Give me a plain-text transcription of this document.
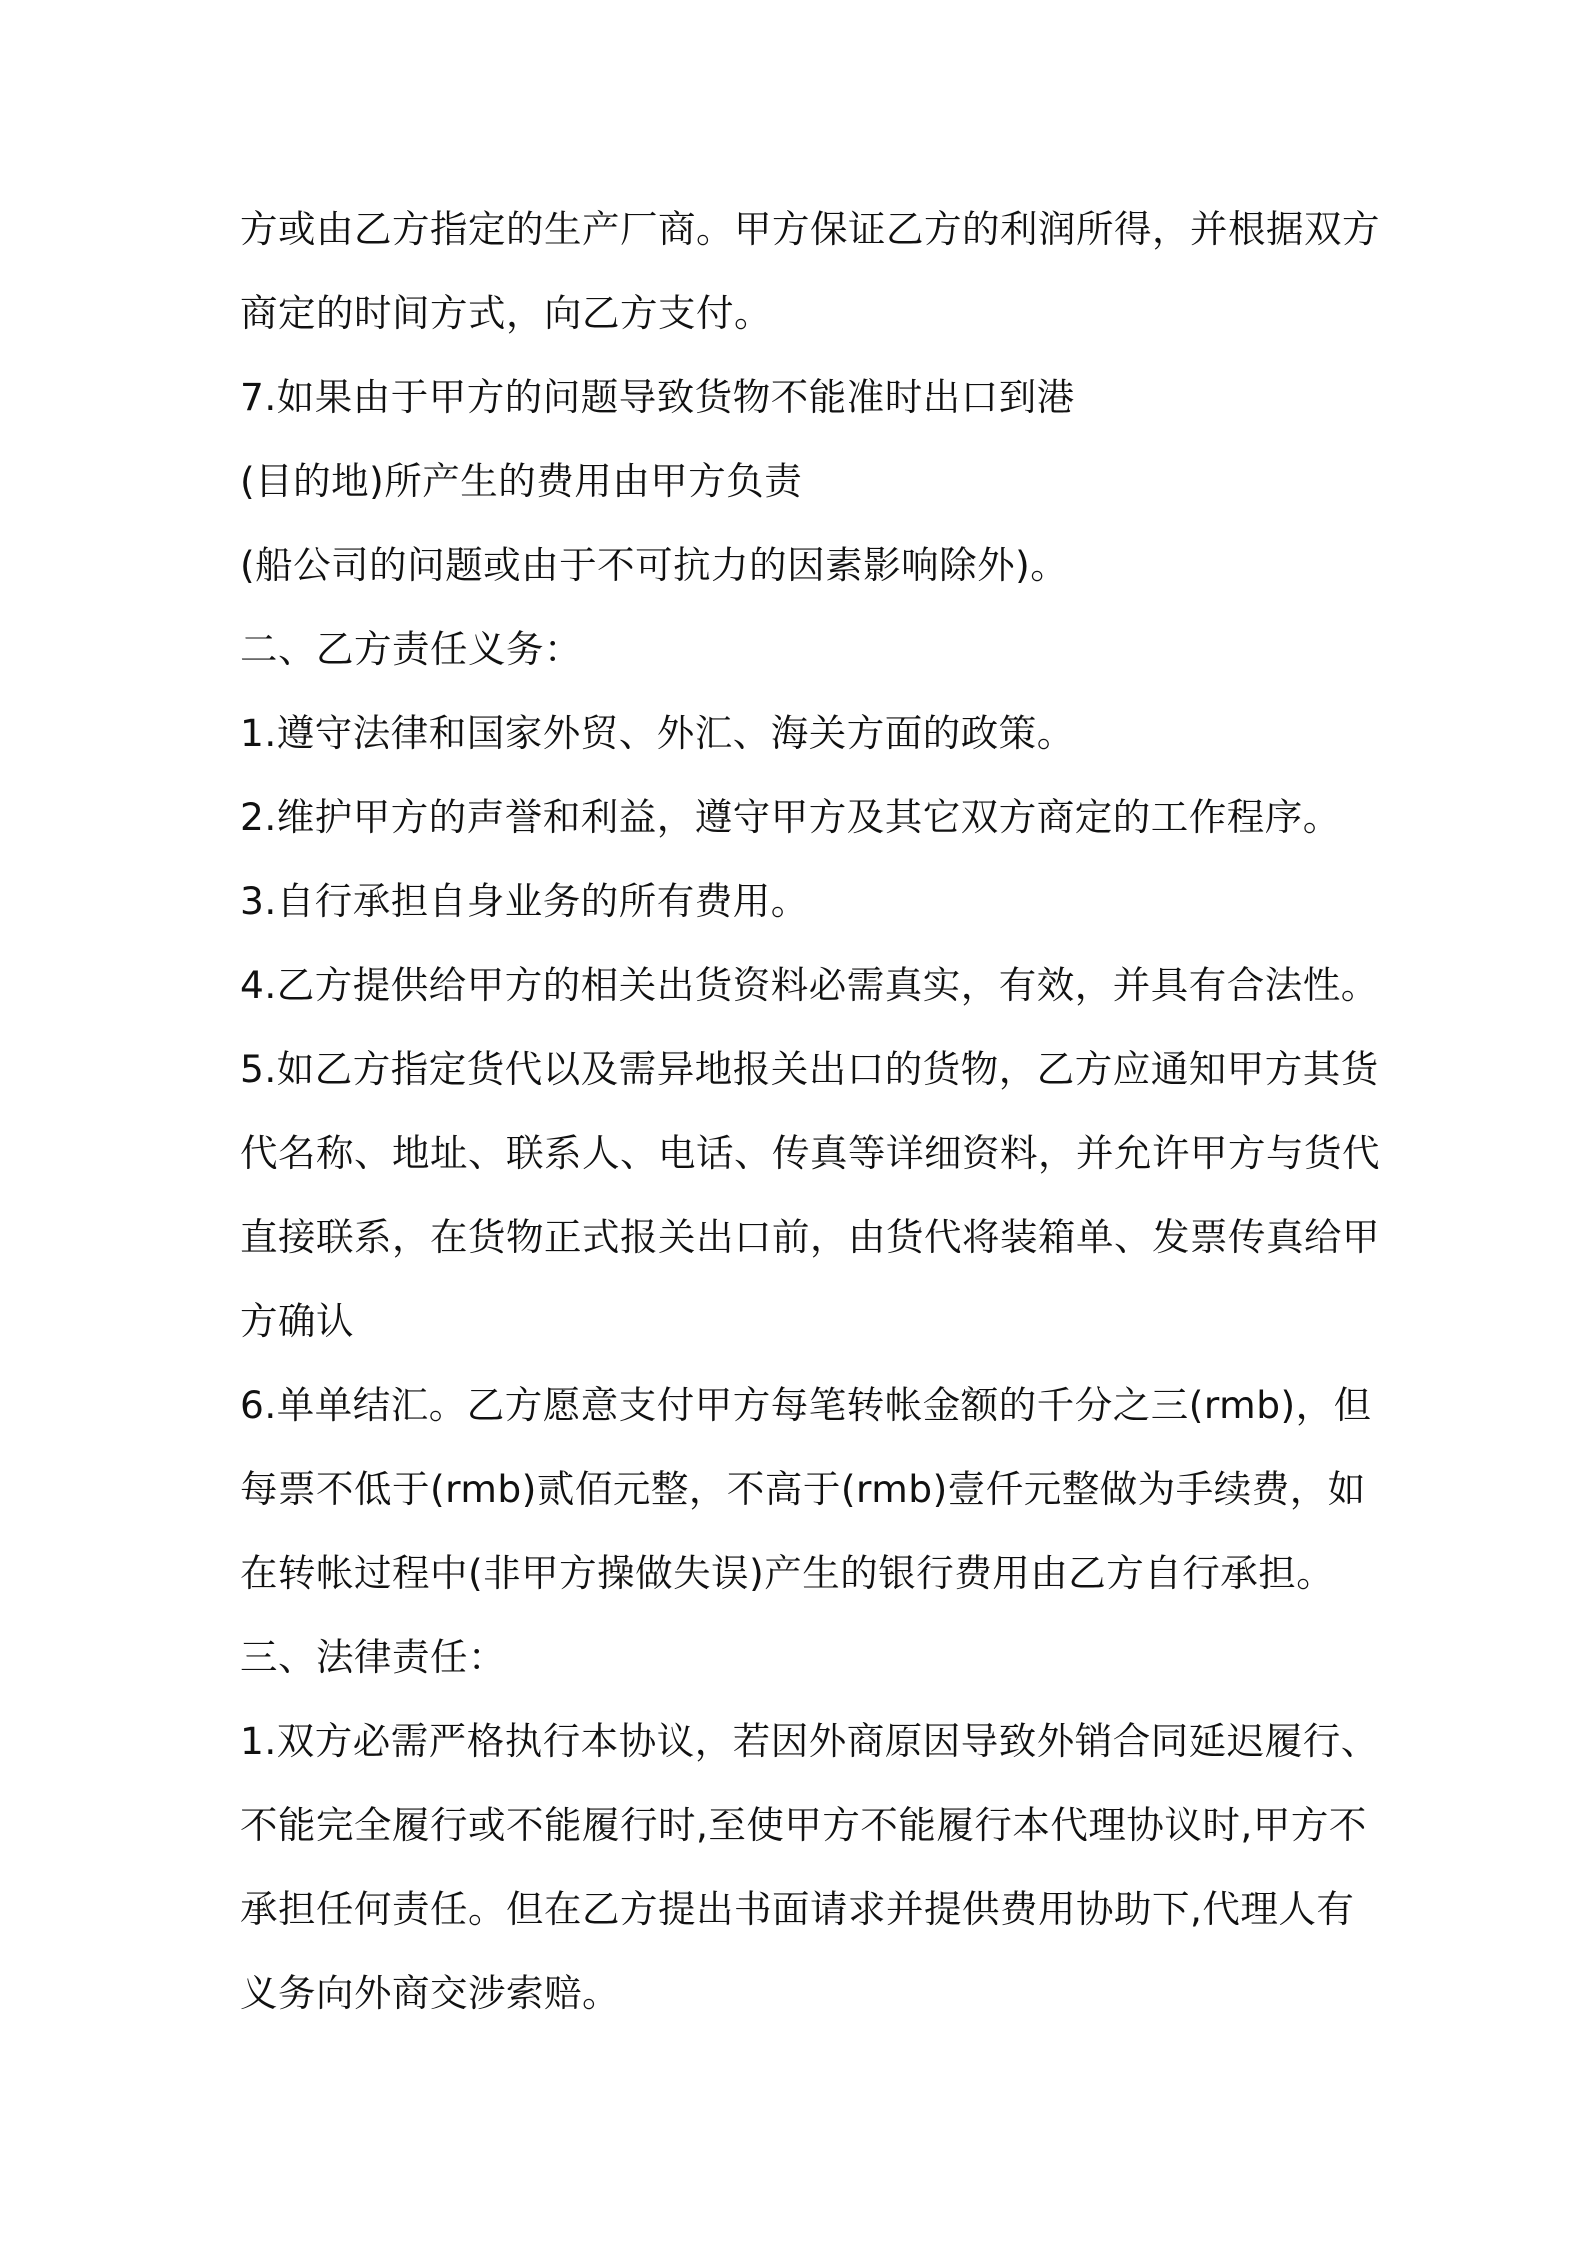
方或由乙方指定的生产厂商。甲方保证乙方的利润所得，并根据双方
商定的时间方式，向乙方支付。
7.如果由于甲方的问题导致货物不能准时出口到港
(目的地)所产生的费用由甲方负责
(船公司的问题或由于不可抗力的因素影响除外)。
二、乙方责任义务：
1.遵守法律和国家外贸、外汇、海关方面的政策。
2.维护甲方的声誉和利益，遵守甲方及其它双方商定的工作程序。
3.自行承担自身业务的所有费用。
4.乙方提供给甲方的相关出货资料必需真实，有效，并具有合法性。
5.如乙方指定货代以及需异地报关出口的货物，乙方应通知甲方其货
代名称、地址、联系人、电话、传真等详细资料，并允许甲方与货代
直接联系，在货物正式报关出口前，由货代将装箱单、发票传真给甲
方确认
6.单单结汇。乙方愿意支付甲方每笔转帐金额的千分之三(rmb)，但
每票不低于(rmb)贰佰元整，不高于(rmb)壹仟元整做为手续费，如
在转帐过程中(非甲方操做失误)产生的银行费用由乙方自行承担。
三、法律责任：
1.双方必需严格执行本协议，若因外商原因导致外销合同延迟履行、
不能完全履行或不能履行时,至使甲方不能履行本代理协议时,甲方不
承担任何责任。但在乙方提出书面请求并提供费用协助下,代理人有
义务向外商交涉索赔。
